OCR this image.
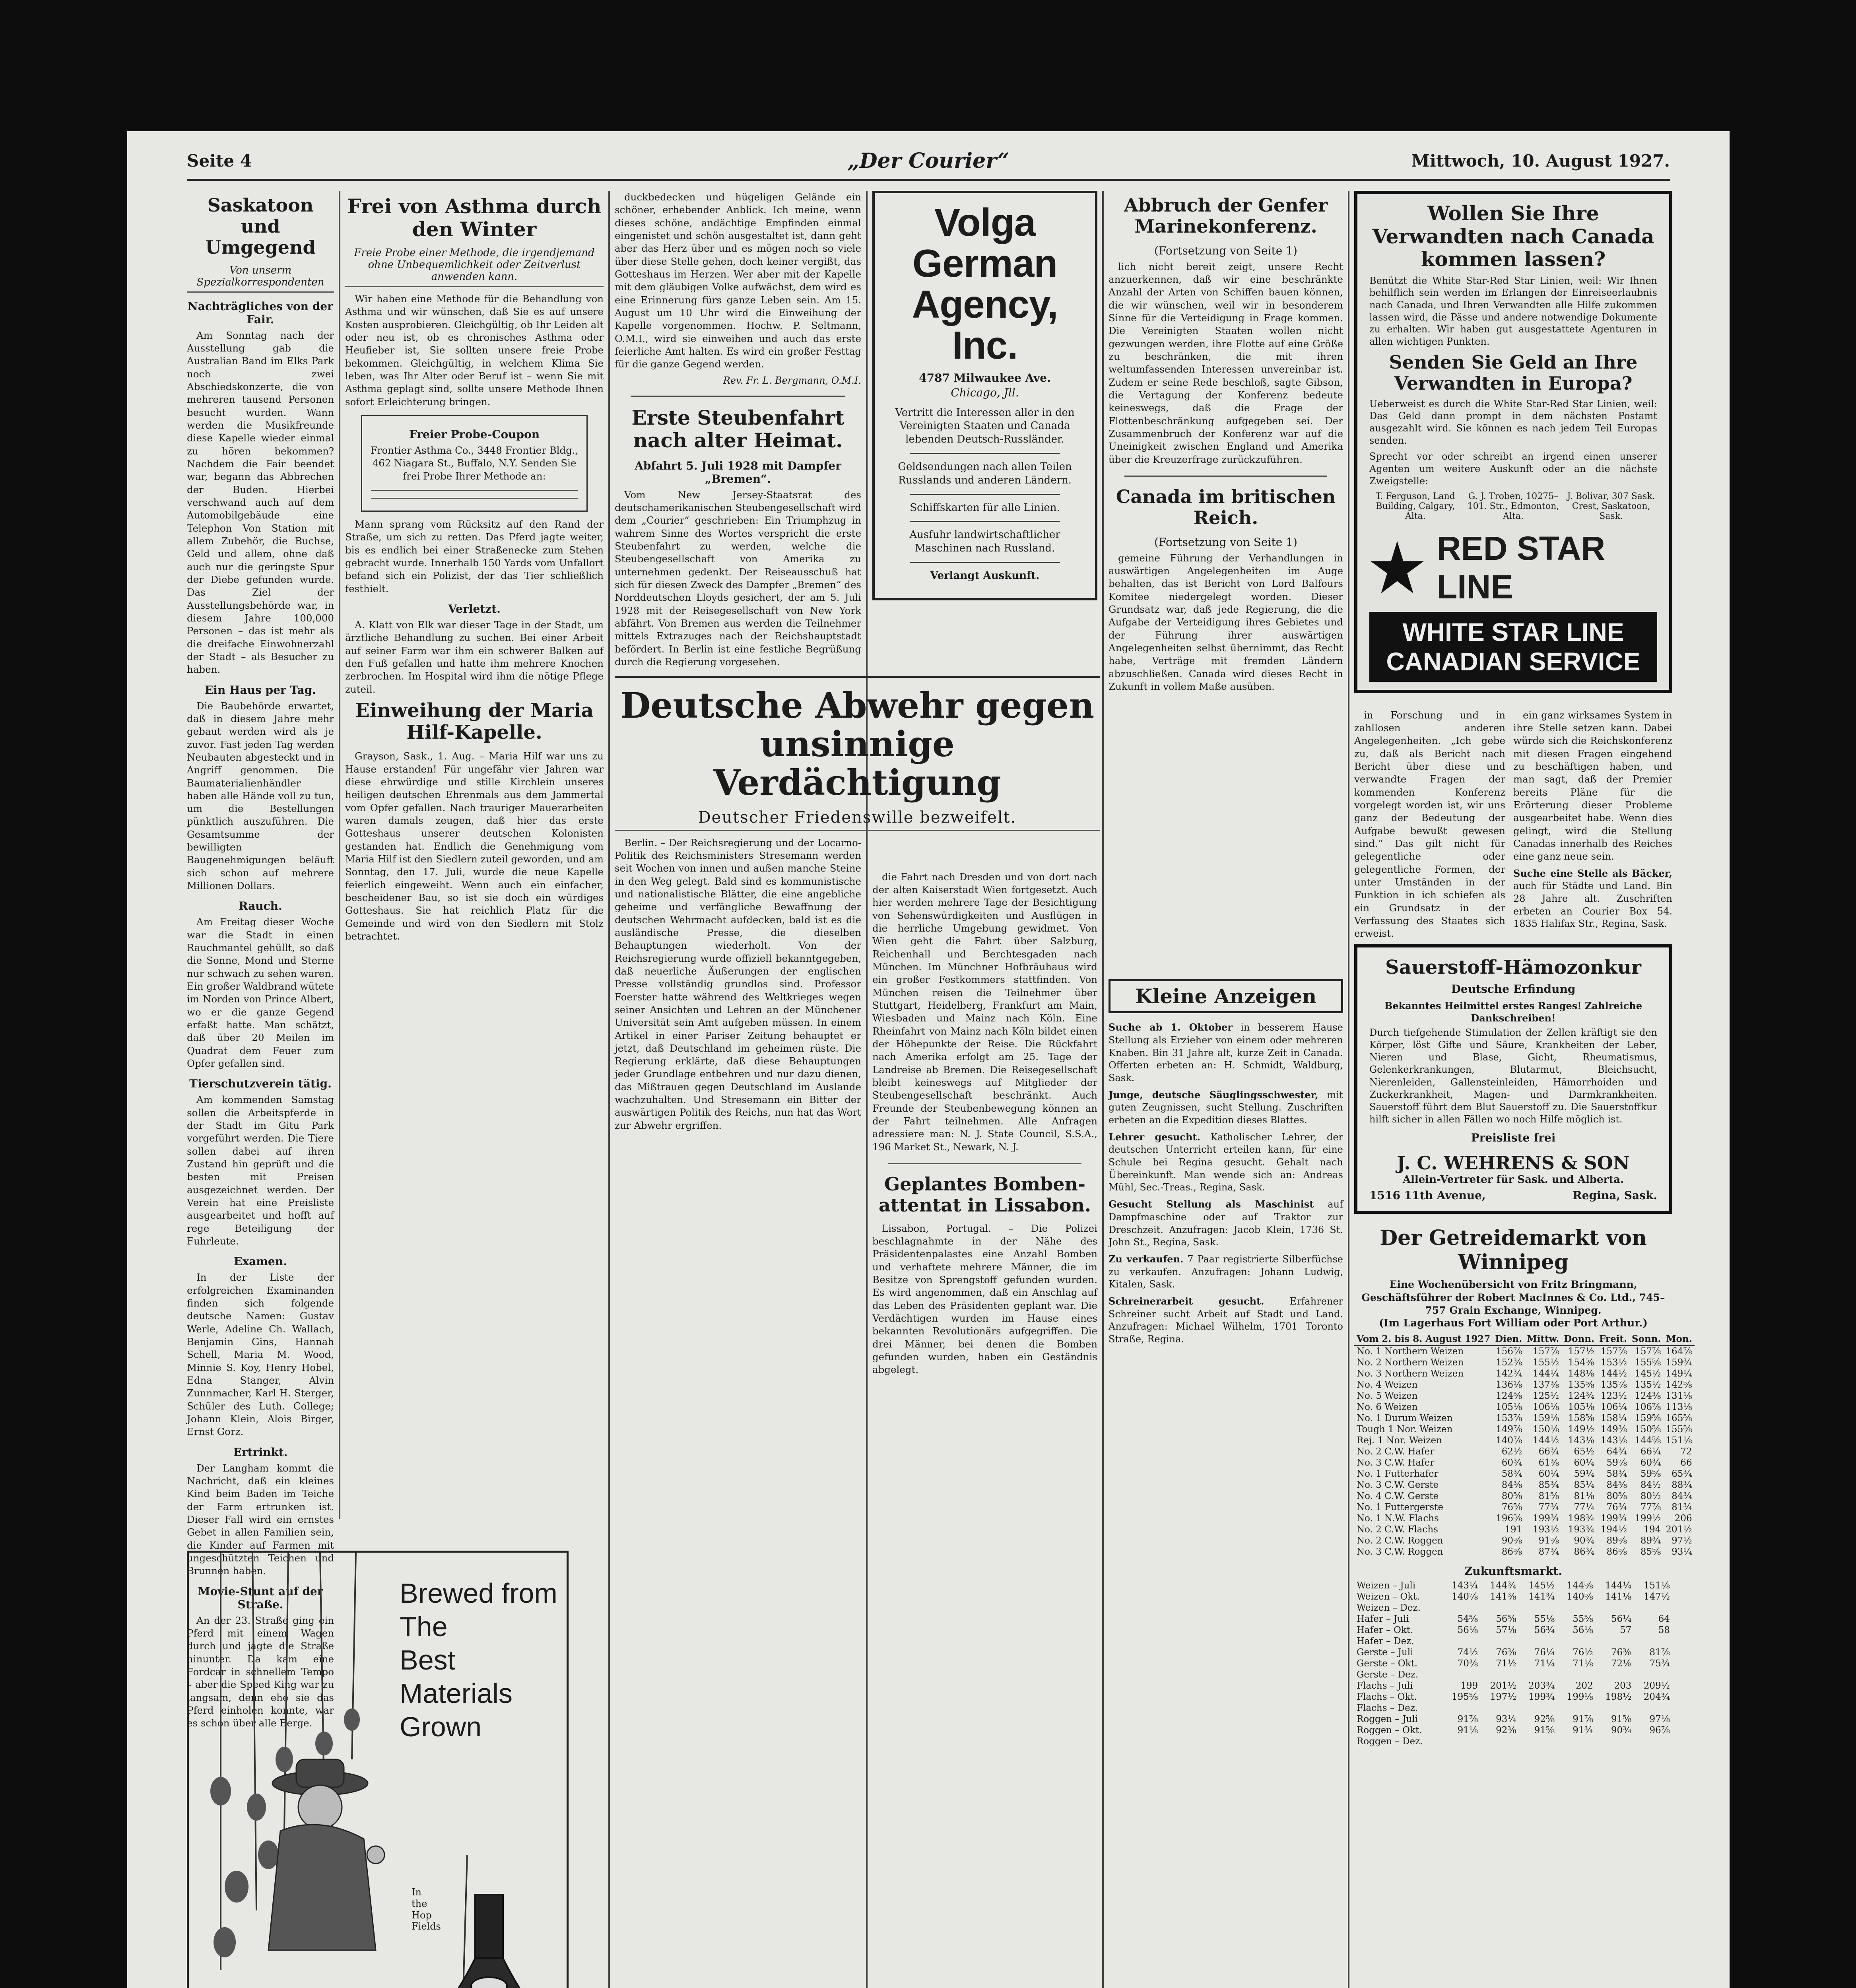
Seite 4	„Der Courier“	Mittwoch, 10. August 1927.
Saskatoon und Umgegend
Von unserm Spezialkorrespondenten
Nachträgliches von der Fair.

Am Sonntag nach der Ausstellung gab die Australian Band im Elks Park noch zwei Abschiedskonzerte, die von mehreren tausend Personen besucht wurden. Wann werden die Musikfreunde diese Kapelle wieder einmal zu hören bekommen? Nachdem die Fair beendet war, begann das Abbrechen der Buden. Hierbei verschwand auch auf dem Automobilgebäude eine Telephon Von Station mit allem Zubehör, die Buchse, Geld und allem, ohne daß auch nur die geringste Spur der Diebe gefunden wurde. Das Ziel der Ausstellungsbehörde war, in diesem Jahre 100,000 Personen – das ist mehr als die dreifache Einwohnerzahl der Stadt – als Besucher zu haben.

Ein Haus per Tag.

Die Baubehörde erwartet, daß in diesem Jahre mehr gebaut werden wird als je zuvor. Fast jeden Tag werden Neubauten abgesteckt und in Angriff genommen. Die Baumaterialienhändler haben alle Hände voll zu tun, um die Bestellungen pünktlich auszuführen. Die Gesamtsumme der bewilligten Baugenehmigungen beläuft sich schon auf mehrere Millionen Dollars.

Rauch.

Am Freitag dieser Woche war die Stadt in einen Rauchmantel gehüllt, so daß die Sonne, Mond und Sterne nur schwach zu sehen waren. Ein großer Waldbrand wütete im Norden von Prince Albert, wo er die ganze Gegend erfaßt hatte. Man schätzt, daß über 20 Meilen im Quadrat dem Feuer zum Opfer gefallen sind.

Tierschutzverein tätig.

Am kommenden Samstag sollen die Arbeitspferde in der Stadt im Gitu Park vorgeführt werden. Die Tiere sollen dabei auf ihren Zustand hin geprüft und die besten mit Preisen ausgezeichnet werden. Der Verein hat eine Preisliste ausgearbeitet und hofft auf rege Beteiligung der Fuhrleute.

Examen.

In der Liste der erfolgreichen Examinanden finden sich folgende deutsche Namen: Gustav Werle, Adeline Ch. Wallach, Benjamin Gins, Hannah Schell, Maria M. Wood, Minnie S. Koy, Henry Hobel, Edna Stanger, Alvin Zunnmacher, Karl H. Sterger, Schüler des Luth. College; Johann Klein, Alois Birger, Ernst Gorz.

Ertrinkt.

Der Langham kommt die Nachricht, daß ein kleines Kind beim Baden im Teiche der Farm ertrunken ist. Dieser Fall wird ein ernstes Gebet in allen Familien sein, die Kinder auf Farmen mit ungeschützten Teichen und Brunnen haben.

Movie-Stunt auf der Straße.

An der 23. Straße ging ein Pferd mit einem Wagen durch und jagte die Straße hinunter. Da kam eine Fordcar in schnellem Tempo – aber die Speed King war zu langsam, denn ehe sie das Pferd einholen konnte, war es schon über alle Berge.

Frei von Asthma durch den Winter
Freie Probe einer Methode, die irgendjemand ohne Unbequemlichkeit oder Zeitverlust anwenden kann.

Wir haben eine Methode für die Behandlung von Asthma und wir wünschen, daß Sie es auf unsere Kosten ausprobieren. Gleichgültig, ob Ihr Leiden alt oder neu ist, ob es chronisches Asthma oder Heufieber ist, Sie sollten unsere freie Probe bekommen. Gleichgültig, in welchem Klima Sie leben, was Ihr Alter oder Beruf ist – wenn Sie mit Asthma geplagt sind, sollte unsere Methode Ihnen sofort Erleichterung bringen.

Freier Probe-Coupon

Frontier Asthma Co., 3448 Frontier Bldg., 462 Niagara St., Buffalo, N.Y. Senden Sie frei Probe Ihrer Methode an:

Mann sprang vom Rücksitz auf den Rand der Straße, um sich zu retten. Das Pferd jagte weiter, bis es endlich bei einer Straßenecke zum Stehen gebracht wurde. Innerhalb 150 Yards vom Unfallort befand sich ein Polizist, der das Tier schließlich festhielt.

Verletzt.

A. Klatt von Elk war dieser Tage in der Stadt, um ärztliche Behandlung zu suchen. Bei einer Arbeit auf seiner Farm war ihm ein schwerer Balken auf den Fuß gefallen und hatte ihm mehrere Knochen zerbrochen. Im Hospital wird ihm die nötige Pflege zuteil.

Einweihung der Maria Hilf-Kapelle.

Grayson, Sask., 1. Aug. – Maria Hilf war uns zu Hause erstanden! Für ungefähr vier Jahren war diese ehrwürdige und stille Kirchlein unseres heiligen deutschen Ehrenmals aus dem Jammertal vom Opfer gefallen. Nach trauriger Mauerarbeiten waren damals zeugen, daß hier das erste Gotteshaus unserer deutschen Kolonisten gestanden hat. Endlich die Genehmigung vom Maria Hilf ist den Siedlern zuteil geworden, und am Sonntag, den 17. Juli, wurde die neue Kapelle feierlich eingeweiht. Wenn auch ein einfacher, bescheidener Bau, so ist sie doch ein würdiges Gotteshaus. Sie hat reichlich Platz für die Gemeinde und wird von den Siedlern mit Stolz betrachtet.

duckbedecken und hügeligen Gelände ein schöner, erhebender Anblick. Ich meine, wenn dieses schöne, andächtige Empfinden einmal eingenistet und schön ausgestaltet ist, dann geht aber das Herz über und es mögen noch so viele über diese Stelle gehen, doch keiner vergißt, das Gotteshaus im Herzen. Wer aber mit der Kapelle mit dem gläubigen Volke aufwächst, dem wird es eine Erinnerung fürs ganze Leben sein. Am 15. August um 10 Uhr wird die Einweihung der Kapelle vorgenommen. Hochw. P. Seltmann, O.M.I., wird sie einweihen und auch das erste feierliche Amt halten. Es wird ein großer Festtag für die ganze Gegend werden.

Rev. Fr. L. Bergmann, O.M.I.
Erste Steubenfahrt nach alter Heimat.
Abfahrt 5. Juli 1928 mit Dampfer „Bremen“.

Vom New Jersey-Staatsrat des deutschamerikanischen Steubengesellschaft wird dem „Courier“ geschrieben: Ein Triumphzug in wahrem Sinne des Wortes verspricht die erste Steubenfahrt zu werden, welche die Steubengesellschaft von Amerika zu unternehmen gedenkt. Der Reiseausschuß hat sich für diesen Zweck des Dampfer „Bremen“ des Norddeutschen Lloyds gesichert, der am 5. Juli 1928 mit der Reisegesellschaft von New York abfährt. Von Bremen aus werden die Teilnehmer mittels Extrazuges nach der Reichshauptstadt befördert. In Berlin ist eine festliche Begrüßung durch die Regierung vorgesehen.

Deutsche Abwehr gegen unsinnige Verdächtigung
Deutscher Friedenswille bezweifelt.

Berlin. – Der Reichsregierung und der Locarno-Politik des Reichsministers Stresemann werden seit Wochen von innen und außen manche Steine in den Weg gelegt. Bald sind es kommunistische und nationalistische Blätter, die eine angebliche geheime und verfängliche Bewaffnung der deutschen Wehrmacht aufdecken, bald ist es die ausländische Presse, die dieselben Behauptungen wiederholt. Von der Reichsregierung wurde offiziell bekanntgegeben, daß neuerliche Äußerungen der englischen Presse vollständig grundlos sind. Professor Foerster hatte während des Weltkrieges wegen seiner Ansichten und Lehren an der Münchener Universität sein Amt aufgeben müssen. In einem Artikel in einer Pariser Zeitung behauptet er jetzt, daß Deutschland im geheimen rüste. Die Regierung erklärte, daß diese Behauptungen jeder Grundlage entbehren und nur dazu dienen, das Mißtrauen gegen Deutschland im Auslande wachzuhalten. Und Stresemann ein Bitter der auswärtigen Politik des Reichs, nun hat das Wort zur Abwehr ergriffen.

Volga German Agency, Inc.
4787 Milwaukee Ave.
Chicago, Jll.

Vertritt die Interessen aller in den Vereinigten Staaten und Canada lebenden Deutsch-Russländer.

Geldsendungen nach allen Teilen Russlands und anderen Ländern.

Schiffskarten für alle Linien.

Ausfuhr landwirtschaftlicher Maschinen nach Russland.

Verlangt Auskunft.

die Fahrt nach Dresden und von dort nach der alten Kaiserstadt Wien fortgesetzt. Auch hier werden mehrere Tage der Besichtigung von Sehenswürdigkeiten und Ausflügen in die herrliche Umgebung gewidmet. Von Wien geht die Fahrt über Salzburg, Reichenhall und Berchtesgaden nach München. Im Münchner Hofbräuhaus wird ein großer Festkommers stattfinden. Von München reisen die Teilnehmer über Stuttgart, Heidelberg, Frankfurt am Main, Wiesbaden und Mainz nach Köln. Eine Rheinfahrt von Mainz nach Köln bildet einen der Höhepunkte der Reise. Die Rückfahrt nach Amerika erfolgt am 25. Tage der Landreise ab Bremen. Die Reisegesellschaft bleibt keineswegs auf Mitglieder der Steubengesellschaft beschränkt. Auch Freunde der Steubenbewegung können an der Fahrt teilnehmen. Alle Anfragen adressiere man: N. J. State Council, S.S.A., 196 Market St., Newark, N. J.

Geplantes Bomben-attentat in Lissabon.

Lissabon, Portugal. – Die Polizei beschlagnahmte in der Nähe des Präsidentenpalastes eine Anzahl Bomben und verhaftete mehrere Männer, die im Besitze von Sprengstoff gefunden wurden. Es wird angenommen, daß ein Anschlag auf das Leben des Präsidenten geplant war. Die Verdächtigen wurden im Hause eines bekannten Revolutionärs aufgegriffen. Die drei Männer, bei denen die Bomben gefunden wurden, haben ein Geständnis abgelegt.

Abbruch der Genfer Marinekonferenz.
(Fortsetzung von Seite 1)

lich nicht bereit zeigt, unsere Recht anzuerkennen, daß wir eine beschränkte Anzahl der Arten von Schiffen bauen können, die wir wünschen, weil wir in besonderem Sinne für die Verteidigung in Frage kommen. Die Vereinigten Staaten wollen nicht gezwungen werden, ihre Flotte auf eine Größe zu beschränken, die mit ihren weltumfassenden Interessen unvereinbar ist. Zudem er seine Rede beschloß, sagte Gibson, die Vertagung der Konferenz bedeute keineswegs, daß die Frage der Flottenbeschränkung aufgegeben sei. Der Zusammenbruch der Konferenz war auf die Uneinigkeit zwischen England und Amerika über die Kreuzerfrage zurückzuführen.

Canada im britischen Reich.
(Fortsetzung von Seite 1)

gemeine Führung der Verhandlungen in auswärtigen Angelegenheiten im Auge behalten, das ist Bericht von Lord Balfours Komitee niedergelegt worden. Dieser Grundsatz war, daß jede Regierung, die die Aufgabe der Verteidigung ihres Gebietes und der Führung ihrer auswärtigen Angelegenheiten selbst übernimmt, das Recht habe, Verträge mit fremden Ländern abzuschließen. Canada wird dieses Recht in Zukunft in vollem Maße ausüben.

Kleine Anzeigen

Suche ab 1. Oktober in besserem Hause Stellung als Erzieher von einem oder mehreren Knaben. Bin 31 Jahre alt, kurze Zeit in Canada. Offerten erbeten an: H. Schmidt, Waldburg, Sask.

Junge, deutsche Säuglingsschwester, mit guten Zeugnissen, sucht Stellung. Zuschriften erbeten an die Expedition dieses Blattes.

Lehrer gesucht. Katholischer Lehrer, der deutschen Unterricht erteilen kann, für eine Schule bei Regina gesucht. Gehalt nach Übereinkunft. Man wende sich an: Andreas Mühl, Sec.-Treas., Regina, Sask.

Gesucht Stellung als Maschinist auf Dampfmaschine oder auf Traktor zur Dreschzeit. Anzufragen: Jacob Klein, 1736 St. John St., Regina, Sask.

Zu verkaufen. 7 Paar registrierte Silberfüchse zu verkaufen. Anzufragen: Johann Ludwig, Kitalen, Sask.

Schreinerarbeit gesucht.	Erfahrener Schreiner sucht Arbeit auf Stadt und Land. Anzufragen: Michael Wilhelm, 1701 Toronto Straße, Regina.

Wollen Sie Ihre Verwandten nach Canada kommen lassen?

Benützt die White Star-Red Star Linien, weil: Wir Ihnen behilflich sein werden im Erlangen der Einreiseerlaubnis nach Canada, und Ihren Verwandten alle Hilfe zukommen lassen wird, die Pässe und andere notwendige Dokumente zu erhalten. Wir haben gut ausgestattete Agenturen in allen wichtigen Punkten.

Senden Sie Geld an Ihre Verwandten in Europa?

Ueberweist es durch die White Star-Red Star Linien, weil: Das Geld dann prompt in dem nächsten Postamt ausgezahlt wird. Sie können es nach jedem Teil Europas senden.

Sprecht vor oder schreibt an irgend einen unserer Agenten um weitere Auskunft oder an die nächste Zweigstelle:

T. Ferguson, Land Building, Calgary, Alta.
G. J. Troben, 10275–101. Str., Edmonton, Alta.
J. Bolivar, 307 Sask. Crest, Saskatoon, Sask.
RED STAR LINE
WHITE STAR LINE CANADIAN SERVICE

in Forschung und in zahllosen anderen Angelegenheiten. „Ich gebe zu, daß als Bericht nach Bericht über diese und verwandte Fragen der kommenden Konferenz vorgelegt worden ist, wir uns ganz der Bedeutung der Aufgabe bewußt gewesen sind.“ Das gilt nicht für gelegentliche oder gelegentliche Formen, der unter Umständen in der Funktion in ich schiefen als ein Grundsatz in der Verfassung des Staates sich erweist.

ein ganz wirksames System in ihre Stelle setzen kann. Dabei würde sich die Reichskonferenz mit diesen Fragen eingehend zu beschäftigen haben, und man sagt, daß der Premier bereits Pläne für die Erörterung dieser Probleme ausgearbeitet habe. Wenn dies gelingt, wird die Stellung Canadas innerhalb des Reiches eine ganz neue sein.

Suche eine Stelle als Bäcker, auch für Städte und Land. Bin 28 Jahre alt. Zuschriften erbeten an Courier Box 54. 1835 Halifax Str., Regina, Sask.

Sauerstoff-Hämozonkur
Deutsche Erfindung

Bekanntes Heilmittel erstes Ranges! Zahlreiche Dankschreiben!

Durch tiefgehende Stimulation der Zellen kräftigt sie den Körper, löst Gifte und Säure, Krankheiten der Leber, Nieren und Blase, Gicht, Rheumatismus, Gelenkerkrankungen, Blutarmut, Bleichsucht, Nierenleiden, Gallensteinleiden, Hämorrhoiden und Zuckerkrankheit, Magen- und Darmkrankheiten. Sauerstoff führt dem Blut Sauerstoff zu. Die Sauerstoffkur hilft sicher in allen Fällen wo noch Hilfe möglich ist.

Preisliste frei
J. C. WEHRENS & SON
Allein-Vertreter für Sask. und Alberta.
1516 11th Avenue,	Regina, Sask.
Der Getreidemarkt von Winnipeg
Eine Wochenübersicht von Fritz Bringmann, Geschäftsführer der Robert MacInnes & Co. Ltd., 745–757 Grain Exchange, Winnipeg.
(Im Lagerhaus Fort William oder Port Arthur.)
Vom 2. bis 8. August 1927	Dien.	Mittw.	Donn.	Freit.	Sonn.	Mon.
No. 1 Northern Weizen	156⅞	157⅞	157½	157⅞	157⅞	164⅞
No. 2 Northern Weizen	152⅜	155½	154⅝	153½	155⅝	159¾
No. 3 Northern Weizen	142¾	144¼	148⅛	144½	145½	149¼
No. 4 Weizen	136⅛	137⅜	135⅝	135⅞	135½	142⅝
No. 5 Weizen	124⅝	125½	124¾	123½	124⅜	131⅛
No. 6 Weizen	105⅛	106⅛	105⅛	106¼	106⅞	113⅛
No. 1 Durum Weizen	153⅞	159⅛	158⅝	158¼	159⅝	165⅝
Tough 1 Nor. Weizen	149⅞	150⅛	149½	149⅜	150⅝	155⅝
Rej. 1 Nor. Weizen	140⅞	144½	143⅛	143⅛	144⅝	151⅛
No. 2 C.W. Hafer	62½	66¾	65½	64¾	66¼	72
No. 3 C.W. Hafer	60¾	61⅜	60¼	59⅞	60¾	66
No. 1 Futterhafer	58¾	60¼	59¼	58¾	59⅝	65¾
No. 3 C.W. Gerste	84⅜	85¾	85¼	84⅝	84½	88¾
No. 4 C.W. Gerste	80⅝	81⅝	81⅛	80⅝	80½	84¾
No. 1 Futtergerste	76⅝	77¾	77¼	76¾	77⅞	81¾
No. 1 N.W. Flachs	196⅝	199¾	198¾	199¾	199½	206
No. 2 C.W. Flachs	191	193½	193¾	194½	194	201½
No. 2 C.W. Roggen	90⅝	91⅝	90¾	89⅝	89¾	97½
No. 3 C.W. Roggen	86⅝	87¾	86¾	86⅝	85⅝	93¼
Zukunftsmarkt.
Weizen – Juli	143¼	144¾	145½	144⅝	144¼	151⅛
Weizen – Okt.	140⅞	141⅜	141¾	140⅝	141⅛	147½
Weizen – Dez.						
Hafer – Juli	54⅝	56⅝	55⅛	55⅝	56¼	64
Hafer – Okt.	56⅛	57⅛	56¾	56⅛	57	58
Hafer – Dez.						
Gerste – Juli	74½	76⅜	76¼	76½	76⅜	81⅞
Gerste – Okt.	70⅜	71½	71¼	71⅛	72⅛	75¾
Gerste – Dez.						
Flachs – Juli	199	201½	203¾	202	203	209½
Flachs – Okt.	195⅝	197½	199¾	199⅛	198½	204¾
Flachs – Dez.						
Roggen – Juli	91⅞	93¼	92⅝	91⅞	91⅝	97⅛
Roggen – Okt.	91⅛	92⅜	91⅝	91¾	90¾	96⅞
Roggen – Dez.						
Brewed from
The
Best
Materials
Grown
In
the
Hop
Fields
